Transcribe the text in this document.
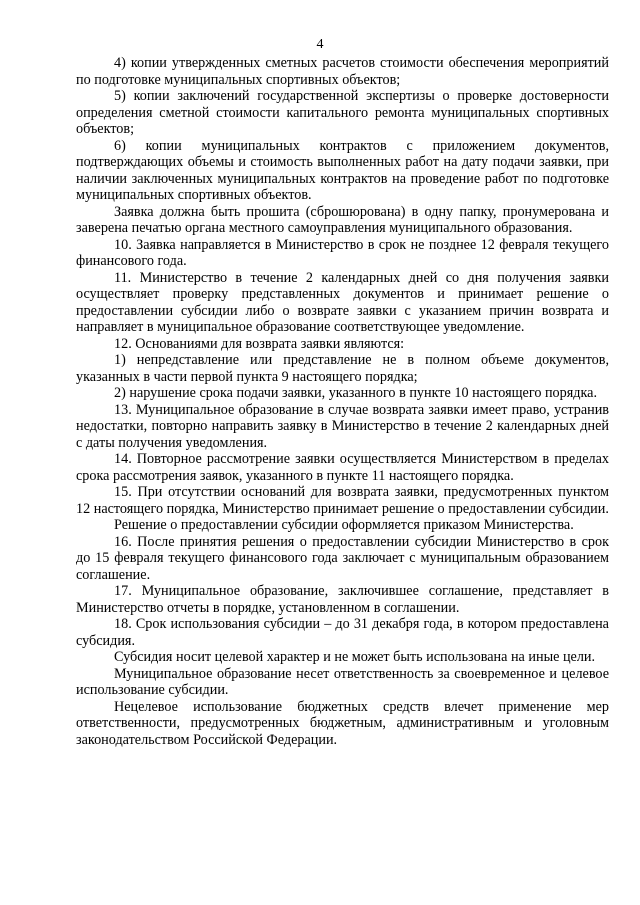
4

4) копии утвержденных сметных расчетов стоимости обеспечения мероприятий по подготовке муниципальных спортивных объектов;

5) копии заключений государственной экспертизы о проверке достоверности определения сметной стоимости капитального ремонта муниципальных спортивных объектов;

6) копии муниципальных контрактов с приложением документов, подтверждающих объемы и стоимость выполненных работ на дату подачи заявки, при наличии заключенных муниципальных контрактов на проведение работ по подготовке муниципальных спортивных объектов.

Заявка должна быть прошита (сброшюрована) в одну папку, пронумерована и заверена печатью органа местного самоуправления муниципального образования.

10. Заявка направляется в Министерство в срок не позднее 12 февраля текущего финансового года.

11. Министерство в течение 2 календарных дней со дня получения заявки осуществляет проверку представленных документов и принимает решение о предоставлении субсидии либо о возврате заявки с указанием причин возврата и направляет в муниципальное образование соответствующее уведомление.

12. Основаниями для возврата заявки являются:

1) непредставление или представление не в полном объеме документов, указанных в части первой пункта 9 настоящего порядка;

2) нарушение срока подачи заявки, указанного в пункте 10 настоящего порядка.

13. Муниципальное образование в случае возврата заявки имеет право, устранив недостатки, повторно направить заявку в Министерство в течение 2 календарных дней с даты получения уведомления.

14. Повторное рассмотрение заявки осуществляется Министерством в пределах срока рассмотрения заявок, указанного в пункте 11 настоящего порядка.

15. При отсутствии оснований для возврата заявки, предусмотренных пунктом 12 настоящего порядка, Министерство принимает решение о предоставлении субсидии.

Решение о предоставлении субсидии оформляется приказом Министерства.

16. После принятия решения о предоставлении субсидии Министерство в срок до 15 февраля текущего финансового года заключает с муниципальным образованием соглашение.

17. Муниципальное образование, заключившее соглашение, представляет в Министерство отчеты в порядке, установленном в соглашении.

18. Срок использования субсидии – до 31 декабря года, в котором предоставлена субсидия.

Субсидия носит целевой характер и не может быть использована на иные цели.

Муниципальное образование несет ответственность за своевременное и целевое использование субсидии.

Нецелевое использование бюджетных средств влечет применение мер ответственности, предусмотренных бюджетным, административным и уголовным законодательством Российской Федерации.
